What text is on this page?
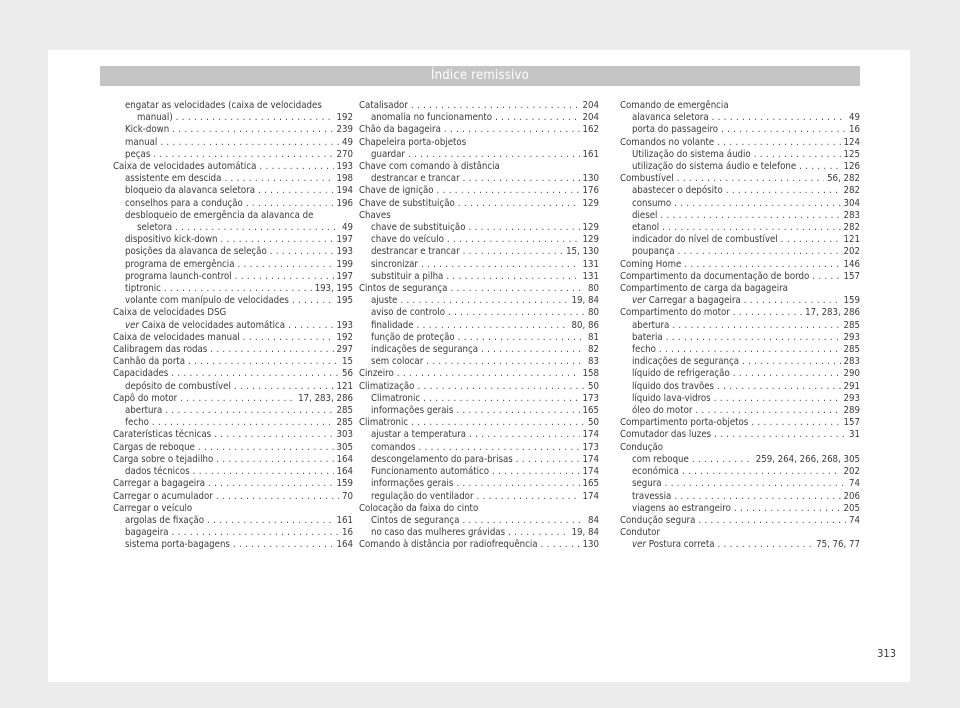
Índice remissivo
engatar as velocidades (caixa de velocidades
manual) . . .	192
Kick-down . . .	239
manual . . .	49
peças . . .	270
Caixa de velocidades automática . . .	193
assistente em descida . . .	198
bloqueio da alavanca seletora . . .	194
conselhos para a condução . . .	196
desbloqueio de emergência da alavanca de
seletora . . .	49
dispositivo kick-down . . .	197
posições da alavanca de seleção . . .	193
programa de emergência . . .	199
programa launch-control . . .	197
tiptronic . . .	193, 195
volante com manípulo de velocidades . . .	195
Caixa de velocidades DSG
ver Caixa de velocidades automática . . .	193
Caixa de velocidades manual . . .	192
Calibragem das rodas . . .	297
Canhão da porta . . .	15
Capacidades . . .	56
depósito de combustível . . .	121
Capô do motor . . .	17, 283, 286
abertura . . .	285
fecho . . .	285
Caraterísticas técnicas . . .	303
Cargas de reboque . . .	305
Carga sobre o tejadilho . . .	164
dados técnicos . . .	164
Carregar a bagageira . . .	159
Carregar o acumulador . . .	70
Carregar o veículo
argolas de fixação . . .	161
bagageira . . .	16
sistema porta-bagagens . . .	164
Catalisador . . .	204
anomalia no funcionamento . . .	204
Chão da bagageira . . .	162
Chapeleira porta-objetos
guardar . . .	161
Chave com comando à distância
destrancar e trancar . . .	130
Chave de ignição . . .	176
Chave de substituição . . .	129
Chaves
chave de substituição . . .	129
chave do veículo . . .	129
destrancar e trancar . . .	15, 130
sincronizar . . .	131
substituir a pilha . . .	131
Cintos de segurança . . .	80
ajuste . . .	19, 84
aviso de controlo . . .	80
finalidade . . .	80, 86
função de proteção . . .	81
indicações de segurança . . .	82
sem colocar . . .	83
Cinzeiro . . .	158
Climatização . . .	50
Climatronic . . .	173
informações gerais . . .	165
Climatronic . . .	50
ajustar a temperatura . . .	174
comandos . . .	173
descongelamento do para-brisas . . .	174
Funcionamento automático . . .	174
informações gerais . . .	165
regulação do ventilador . . .	174
Colocação da faixa do cinto
Cintos de segurança . . .	84
no caso das mulheres grávidas . . .	19, 84
Comando à distância por radiofrequência . . .	130
Comando de emergência
alavanca seletora . . .	49
porta do passageiro . . .	16
Comandos no volante . . .	124
Utilização do sistema áudio . . .	125
utilização do sistema áudio e telefone . . .	126
Combustível . . .	56, 282
abastecer o depósito . . .	282
consumo . . .	304
diesel . . .	283
etanol . . .	282
indicador do nível de combustível . . .	121
poupança . . .	202
Coming Home . . .	146
Compartimento da documentação de bordo . . .	157
Compartimento de carga da bagageira
ver Carregar a bagageira . . .	159
Compartimento do motor . . .	17, 283, 286
abertura . . .	285
bateria . . .	293
fecho . . .	285
indicações de segurança . . .	283
líquido de refrigeração . . .	290
líquido dos travões . . .	291
líquido lava-vidros . . .	293
óleo do motor . . .	289
Compartimento porta-objetos . . .	157
Comutador das luzes . . .	31
Condução
com reboque . . .	259, 264, 266, 268, 305
económica . . .	202
segura . . .	74
travessia . . .	206
viagens ao estrangeiro . . .	205
Condução segura . . .	74
Condutor
ver Postura correta . . .	75, 76, 77
313
